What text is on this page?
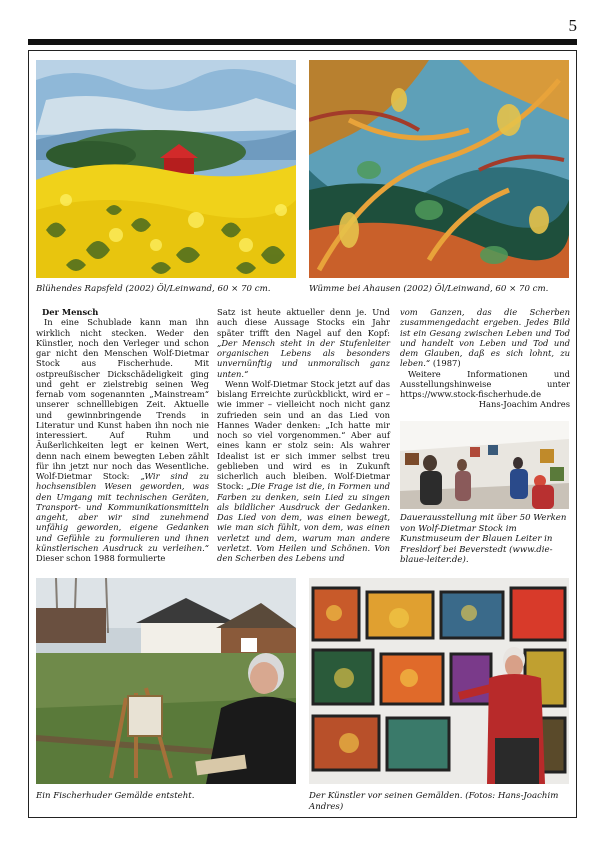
5
Blühendes Rapsfeld (2002) Öl/Leinwand, 60 × 70 cm.	Wümme bei Ahausen (2002) Öl/Leinwand, 60 × 70 cm.

Der Mensch

In eine Schublade kann man ihn wirklich nicht stecken. Weder den Künstler, noch den Verleger und schon gar nicht den Menschen Wolf-Dietmar Stock aus Fischerhude. Mit ostpreußischer Dickschädeligkeit ging und geht er zielstrebig seinen Weg fernab vom sogenannten „Mainstream“ unserer schnelllebigen Zeit. Aktuelle und gewinnbringende Trends in Literatur und Kunst haben ihn noch nie interessiert. Auf Ruhm und Äußerlichkeiten legt er keinen Wert, denn nach einem bewegten Leben zählt für ihn jetzt nur noch das Wesentliche. Wolf-Dietmar Stock: „Wir sind zu hochsensiblen Wesen geworden, was den Umgang mit technischen Geräten, Transport- und Kommunikationsmitteln angeht, aber wir sind zunehmend unfähig geworden, eigene Gedanken und Gefühle zu formulieren und ihnen künstlerischen Ausdruck zu verleihen.“ Dieser schon 1988 formulierte

Satz ist heute aktueller denn je. Und auch diese Aussage Stocks ein Jahr später trifft den Nagel auf den Kopf: „Der Mensch steht in der Stufenleiter organischen Lebens als besonders unvernünftig und unmoralisch ganz unten.“

Wenn Wolf-Dietmar Stock jetzt auf das bislang Erreichte zurückblickt, wird er – wie immer – vielleicht noch nicht ganz zufrieden sein und an das Lied von Hannes Wader denken: „Ich hatte mir noch so viel vorgenommen.“ Aber auf eines kann er stolz sein: Als wahrer Idealist ist er sich immer selbst treu geblieben und wird es in Zukunft sicherlich auch bleiben. Wolf-Dietmar Stock: „Die Frage ist die, in Formen und Farben zu denken, sein Lied zu singen als bildlicher Ausdruck der Gedanken. Das Lied von dem, was einen bewegt, wie man sich fühlt, von dem, was einen verletzt und dem, warum man andere verletzt. Vom Heilen und Schönen. Von den Scherben des Lebens und

vom Ganzen, das die Scherben zusammengedacht ergeben. Jedes Bild ist ein Gesang zwischen Leben und Tod und handelt von Leben und Tod und dem Glauben, daß es sich lohnt, zu leben.“ (1987)

Weitere Informationen und Ausstellungshinweise unter https://www.stock-fischerhude.de

Hans-Joachim Andres

Dauerausstellung mit über 50 Werken von Wolf-Dietmar Stock im Kunstmuseum der Blauen Leiter in Fresldorf bei Beverstedt (www.die-blaue-leiter.de).
Ein Fischerhuder Gemälde entsteht.	Der Künstler vor seinen Gemälden. (Fotos: Hans-Joachim Andres)
